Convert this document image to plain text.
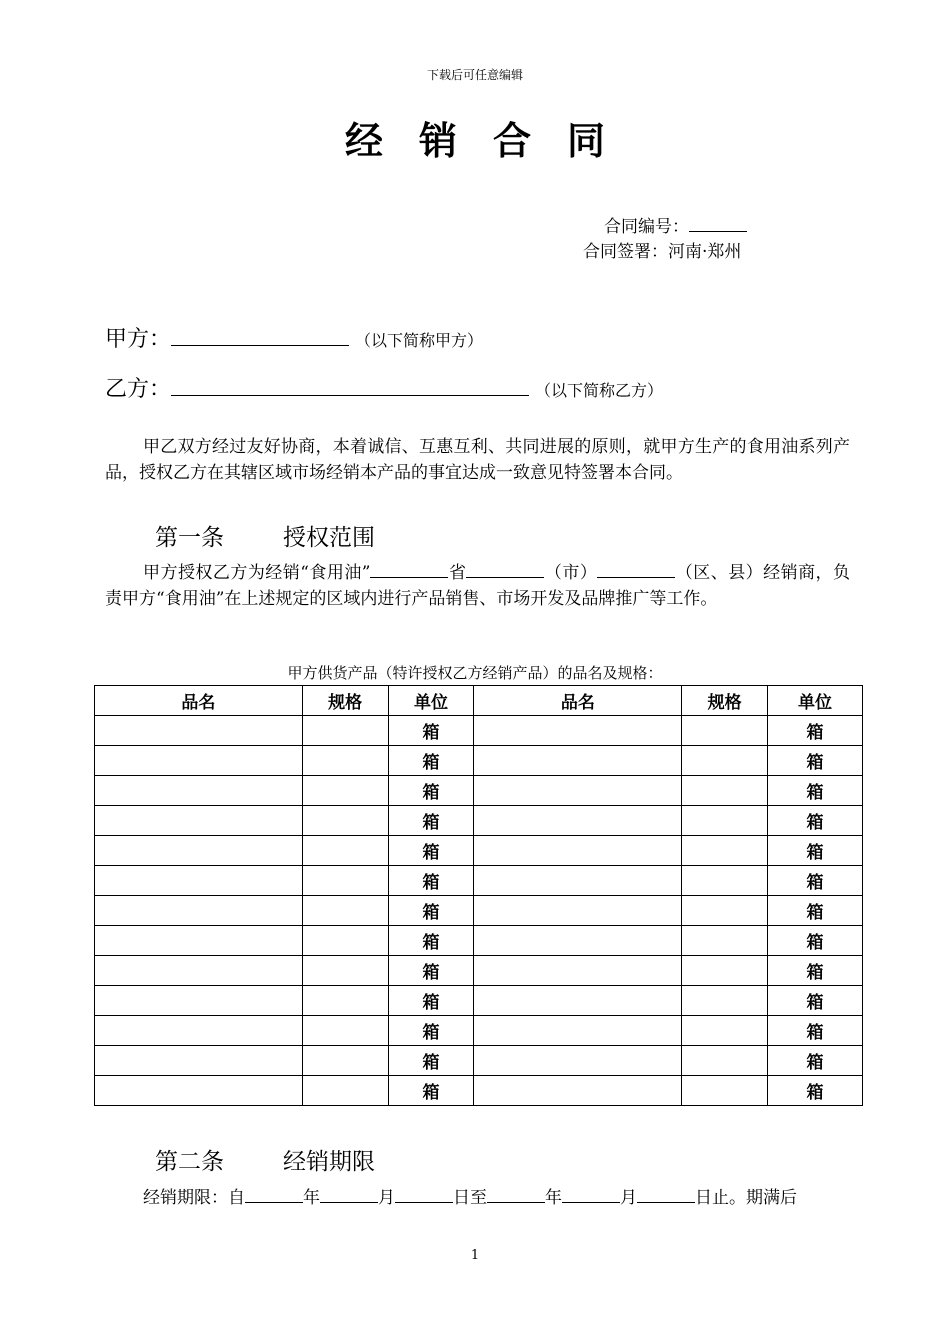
下载后可任意编辑
经销合同
合同编号：
合同签署：河南·郑州
甲方：	（以下简称甲方）
乙方：	（以下简称乙方）
甲乙双方经过友好协商，本着诚信、互惠互利、共同进展的原则，就甲方生产的食用油系列产品，授权乙方在其辖区域市场经销本产品的事宜达成一致意见特签署本合同。
第一条	授权范围
甲方授权乙方为经销“食用油”	省	（市）	（区、县）经销商，负责甲方“食用油”在上述规定的区域内进行产品销售、市场开发及品牌推广等工作。
甲方供货产品（特许授权乙方经销产品）的品名及规格：
品名	规格	单位	品名	规格	单位
		箱			箱
		箱			箱
		箱			箱
		箱			箱
		箱			箱
		箱			箱
		箱			箱
		箱			箱
		箱			箱
		箱			箱
		箱			箱
		箱			箱
		箱			箱
第二条	经销期限
经销期限：自	年	月	日至	年	月	日止。期满后
1
